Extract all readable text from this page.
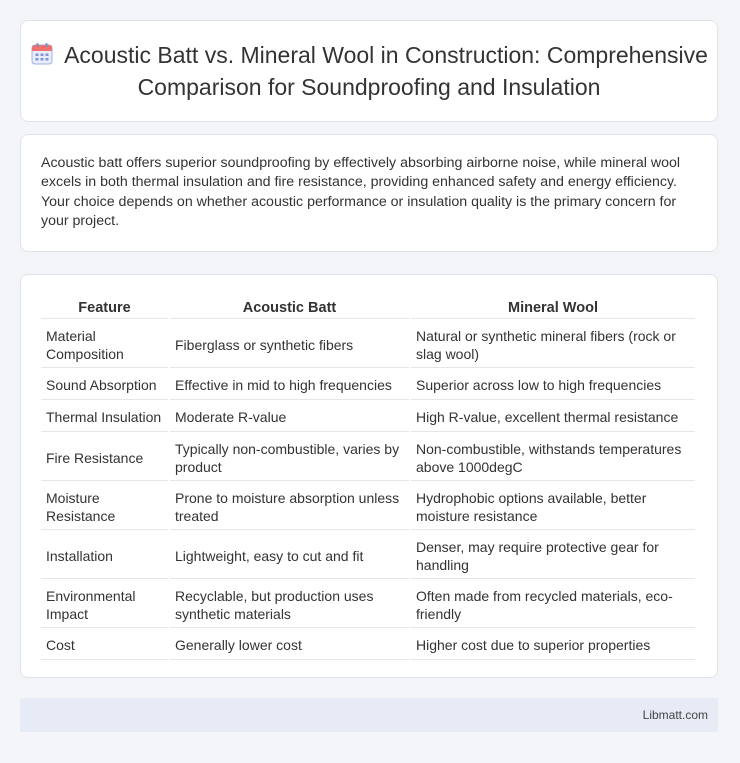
Acoustic Batt vs. Mineral Wool in Construction: Comprehensive Comparison for Soundproofing and Insulation

Acoustic batt offers superior soundproofing by effectively absorbing airborne noise, while mineral wool excels in both thermal insulation and fire resistance, providing enhanced safety and energy efficiency. Your choice depends on whether acoustic performance or insulation quality is the primary concern for your project.

Feature	Acoustic Batt	Mineral Wool
Material Composition	Fiberglass or synthetic fibers	Natural or synthetic mineral fibers (rock or slag wool)
Sound Absorption	Effective in mid to high frequencies	Superior across low to high frequencies
Thermal Insulation	Moderate R-value	High R-value, excellent thermal resistance
Fire Resistance	Typically non-combustible, varies by product	Non-combustible, withstands temperatures above 1000degC
Moisture Resistance	Prone to moisture absorption unless treated	Hydrophobic options available, better moisture resistance
Installation	Lightweight, easy to cut and fit	Denser, may require protective gear for handling
Environmental Impact	Recyclable, but production uses synthetic materials	Often made from recycled materials, eco-friendly
Cost	Generally lower cost	Higher cost due to superior properties
Libmatt.com
